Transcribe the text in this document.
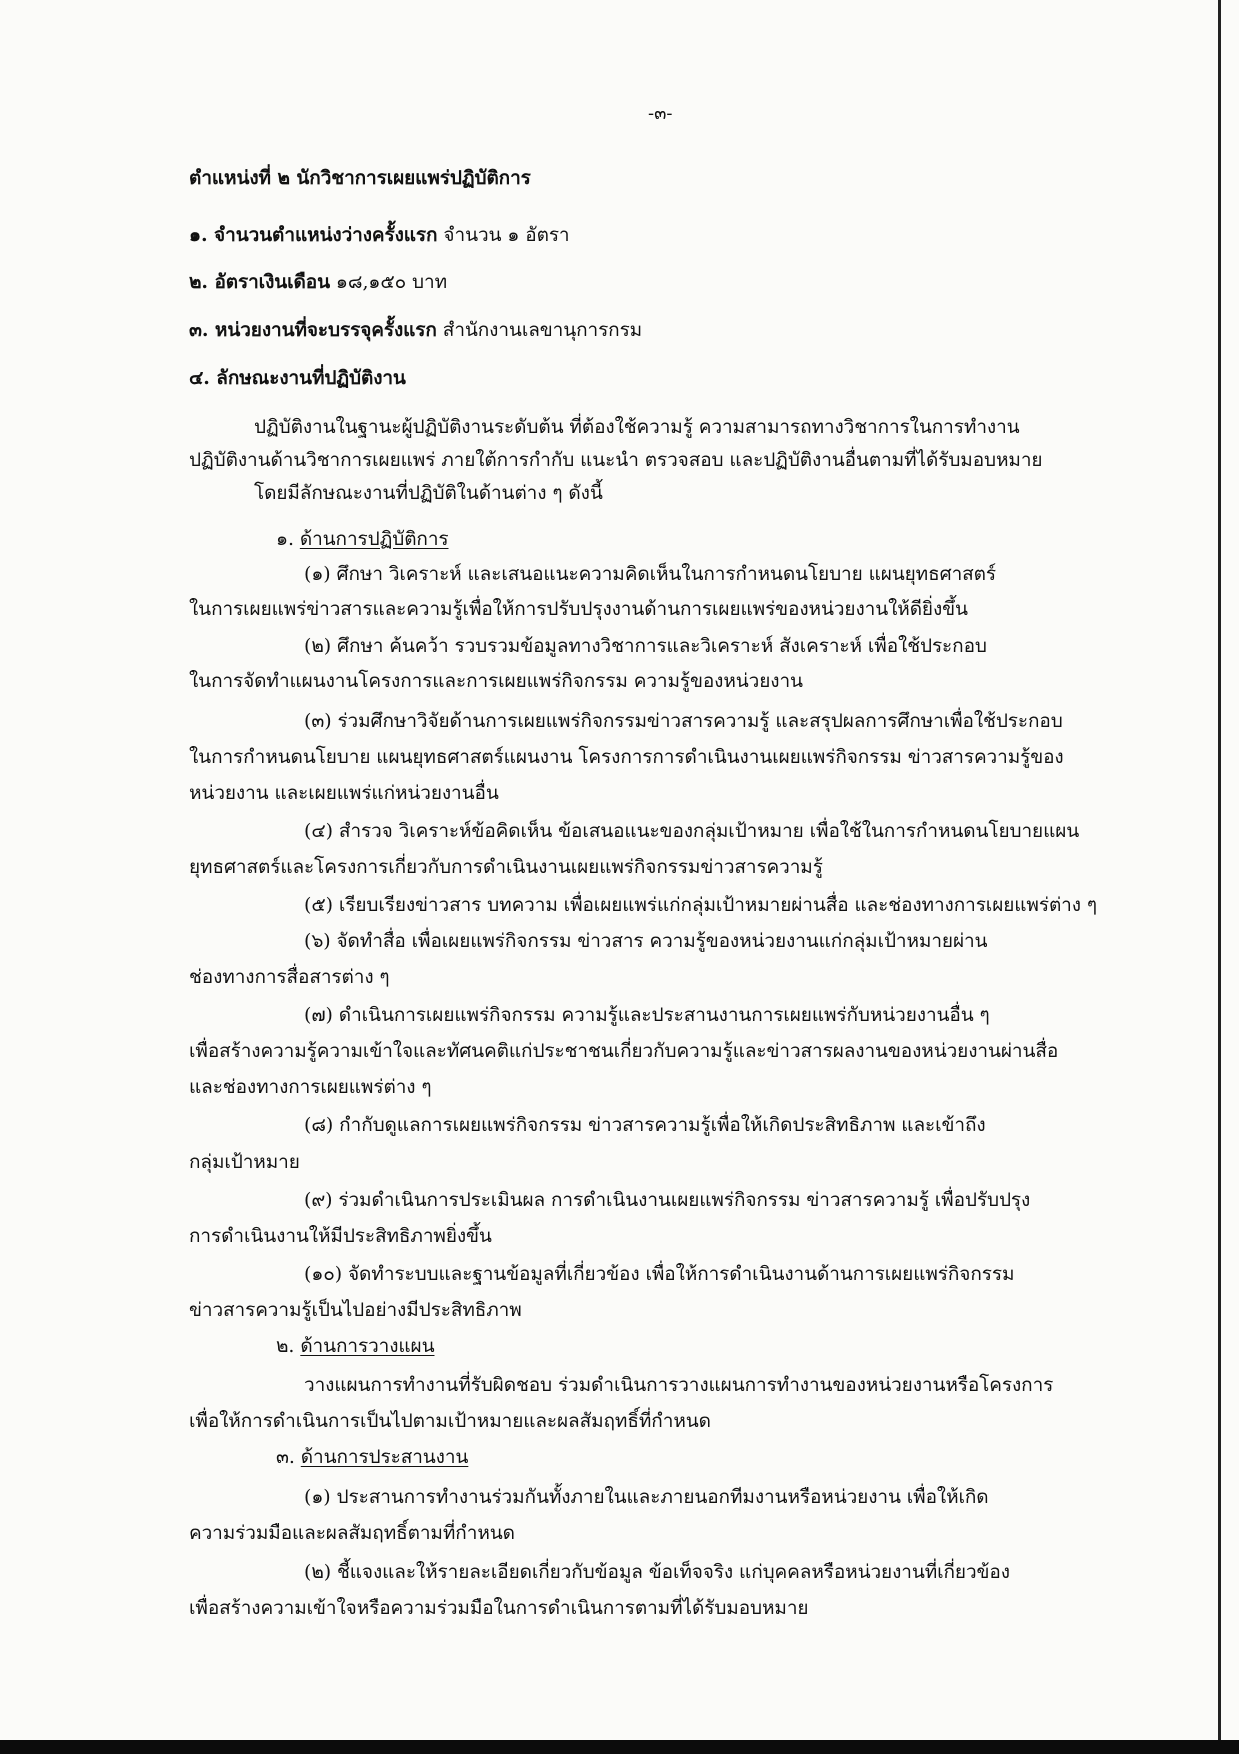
-๓-
ตำแหน่งที่ ๒ นักวิชาการเผยแพร่ปฏิบัติการ
๑. จำนวนตำแหน่งว่างครั้งแรก จำนวน ๑ อัตรา
๒. อัตราเงินเดือน ๑๘,๑๕๐ บาท
๓. หน่วยงานที่จะบรรจุครั้งแรก สำนักงานเลขานุการกรม
๔. ลักษณะงานที่ปฏิบัติงาน
ปฏิบัติงานในฐานะผู้ปฏิบัติงานระดับต้น ที่ต้องใช้ความรู้ ความสามารถทางวิชาการในการทำงาน
ปฏิบัติงานด้านวิชาการเผยแพร่ ภายใต้การกำกับ แนะนำ ตรวจสอบ และปฏิบัติงานอื่นตามที่ได้รับมอบหมาย
โดยมีลักษณะงานที่ปฏิบัติในด้านต่าง ๆ ดังนี้
๑. ด้านการปฏิบัติการ
(๑) ศึกษา วิเคราะห์ และเสนอแนะความคิดเห็นในการกำหนดนโยบาย แผนยุทธศาสตร์
ในการเผยแพร่ข่าวสารและความรู้เพื่อให้การปรับปรุงงานด้านการเผยแพร่ของหน่วยงานให้ดียิ่งขึ้น
(๒) ศึกษา ค้นคว้า รวบรวมข้อมูลทางวิชาการและวิเคราะห์ สังเคราะห์ เพื่อใช้ประกอบ
ในการจัดทำแผนงานโครงการและการเผยแพร่กิจกรรม ความรู้ของหน่วยงาน
(๓) ร่วมศึกษาวิจัยด้านการเผยแพร่กิจกรรมข่าวสารความรู้ และสรุปผลการศึกษาเพื่อใช้ประกอบ
ในการกำหนดนโยบาย แผนยุทธศาสตร์แผนงาน โครงการการดำเนินงานเผยแพร่กิจกรรม ข่าวสารความรู้ของ
หน่วยงาน และเผยแพร่แก่หน่วยงานอื่น
(๔) สำรวจ วิเคราะห์ข้อคิดเห็น ข้อเสนอแนะของกลุ่มเป้าหมาย เพื่อใช้ในการกำหนดนโยบายแผน
ยุทธศาสตร์และโครงการเกี่ยวกับการดำเนินงานเผยแพร่กิจกรรมข่าวสารความรู้
(๕) เรียบเรียงข่าวสาร บทความ เพื่อเผยแพร่แก่กลุ่มเป้าหมายผ่านสื่อ และช่องทางการเผยแพร่ต่าง ๆ
(๖) จัดทำสื่อ เพื่อเผยแพร่กิจกรรม ข่าวสาร ความรู้ของหน่วยงานแก่กลุ่มเป้าหมายผ่าน
ช่องทางการสื่อสารต่าง ๆ
(๗) ดำเนินการเผยแพร่กิจกรรม ความรู้และประสานงานการเผยแพร่กับหน่วยงานอื่น ๆ
เพื่อสร้างความรู้ความเข้าใจและทัศนคติแก่ประชาชนเกี่ยวกับความรู้และข่าวสารผลงานของหน่วยงานผ่านสื่อ
และช่องทางการเผยแพร่ต่าง ๆ
(๘) กำกับดูแลการเผยแพร่กิจกรรม ข่าวสารความรู้เพื่อให้เกิดประสิทธิภาพ และเข้าถึง
กลุ่มเป้าหมาย
(๙) ร่วมดำเนินการประเมินผล การดำเนินงานเผยแพร่กิจกรรม ข่าวสารความรู้ เพื่อปรับปรุง
การดำเนินงานให้มีประสิทธิภาพยิ่งขึ้น
(๑๐) จัดทำระบบและฐานข้อมูลที่เกี่ยวข้อง เพื่อให้การดำเนินงานด้านการเผยแพร่กิจกรรม
ข่าวสารความรู้เป็นไปอย่างมีประสิทธิภาพ
๒. ด้านการวางแผน
วางแผนการทำงานที่รับผิดชอบ ร่วมดำเนินการวางแผนการทำงานของหน่วยงานหรือโครงการ
เพื่อให้การดำเนินการเป็นไปตามเป้าหมายและผลสัมฤทธิ์ที่กำหนด
๓. ด้านการประสานงาน
(๑) ประสานการทำงานร่วมกันทั้งภายในและภายนอกทีมงานหรือหน่วยงาน เพื่อให้เกิด
ความร่วมมือและผลสัมฤทธิ์ตามที่กำหนด
(๒) ชี้แจงและให้รายละเอียดเกี่ยวกับข้อมูล ข้อเท็จจริง แก่บุคคลหรือหน่วยงานที่เกี่ยวข้อง
เพื่อสร้างความเข้าใจหรือความร่วมมือในการดำเนินการตามที่ได้รับมอบหมาย
